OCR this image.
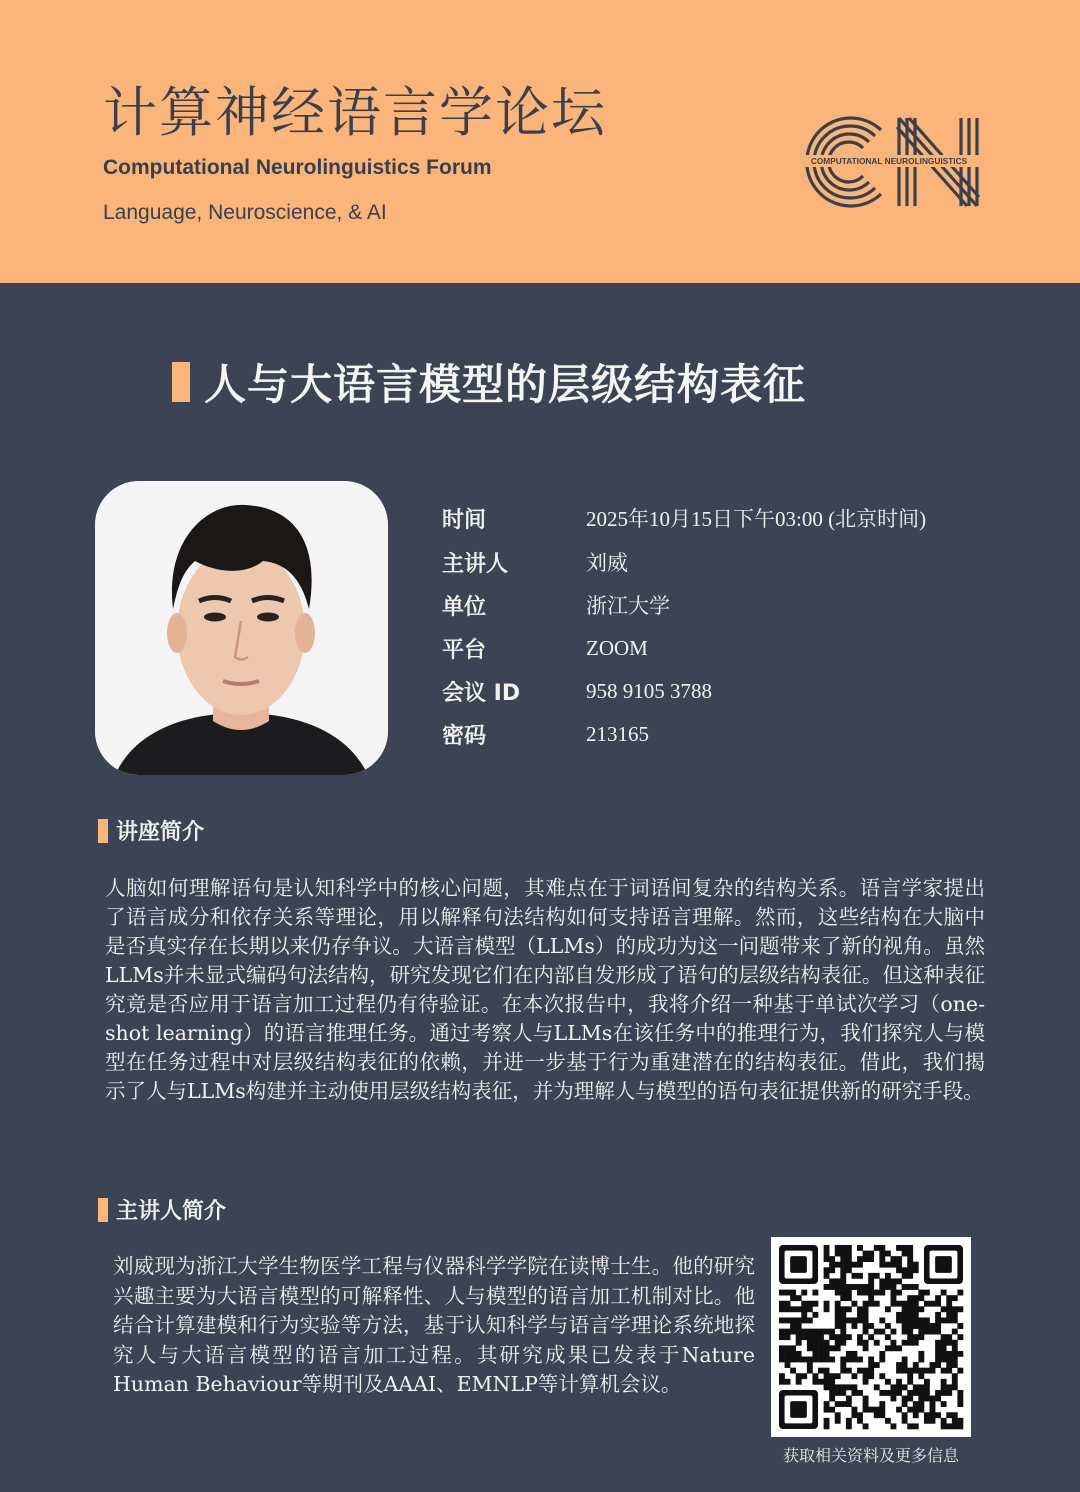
计算神经语言学论坛
Computational Neurolinguistics Forum
Language, Neuroscience, & AI
COMPUTATIONAL NEUROLINGUISTICS
人与大语言模型的层级结构表征
时间	2025年10月15日下午03:00 (北京时间)
主讲人	刘威
单位	浙江大学
平台	ZOOM
会议 ID	958 9105 3788
密码	213165
讲座简介
人脑如何理解语句是认知科学中的核心问题，其难点在于词语间复杂的结构关系。语言学家提出了语言成分和依存关系等理论，用以解释句法结构如何支持语言理解。然而，这些结构在大脑中是否真实存在长期以来仍存争议。大语言模型（LLMs）的成功为这一问题带来了新的视角。虽然LLMs并未显式编码句法结构，研究发现它们在内部自发形成了语句的层级结构表征。但这种表征究竟是否应用于语言加工过程仍有待验证。在本次报告中，我将介绍一种基于单试次学习（one-shot learning）的语言推理任务。通过考察人与LLMs在该任务中的推理行为，我们探究人与模型在任务过程中对层级结构表征的依赖，并进一步基于行为重建潜在的结构表征。借此，我们揭示了人与LLMs构建并主动使用层级结构表征，并为理解人与模型的语句表征提供新的研究手段。
主讲人简介
刘威现为浙江大学生物医学工程与仪器科学学院在读博士生。他的研究兴趣主要为大语言模型的可解释性、人与模型的语言加工机制对比。他结合计算建模和行为实验等方法，基于认知科学与语言学理论系统地探究人与大语言模型的语言加工过程。其研究成果已发表于Nature Human Behaviour等期刊及AAAI、EMNLP等计算机会议。
获取相关资料及更多信息
